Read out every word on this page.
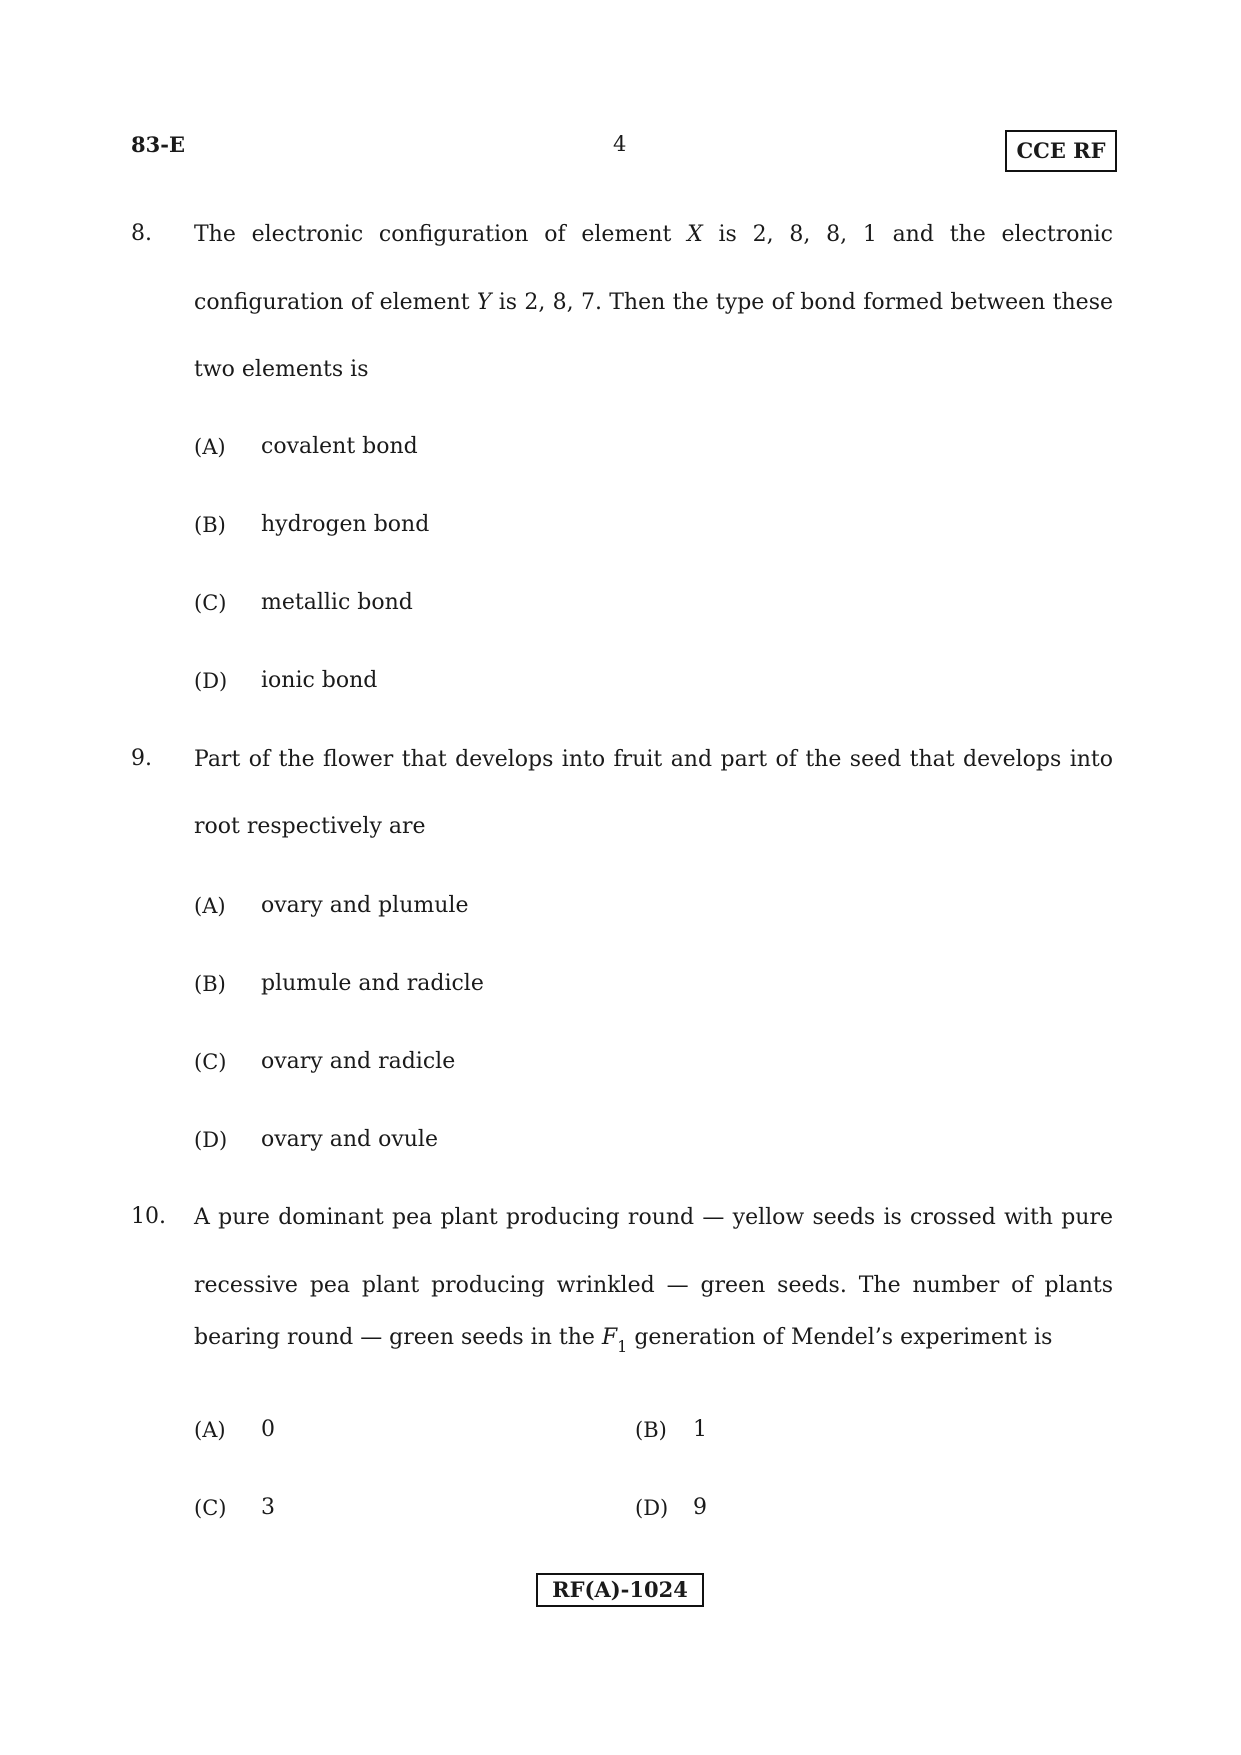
83-E	4	CCE RF
8. The electronic configuration of element X is 2, 8, 8, 1 and the electronic
configuration of element Y is 2, 8, 7. Then the type of bond formed between these
two elements is
(A) covalent bond
(B) hydrogen bond
(C) metallic bond
(D) ionic bond
9. Part of the flower that develops into fruit and part of the seed that develops into
root respectively are
(A) ovary and plumule
(B) plumule and radicle
(C) ovary and radicle
(D) ovary and ovule
10. A pure dominant pea plant producing round — yellow seeds is crossed with pure
recessive pea plant producing wrinkled — green seeds. The number of plants
bearing round — green seeds in the $F_1$ generation of Mendel’s experiment is
(A) 0	(B) 1
(C) 3	(D) 9
RF(A)-1024
